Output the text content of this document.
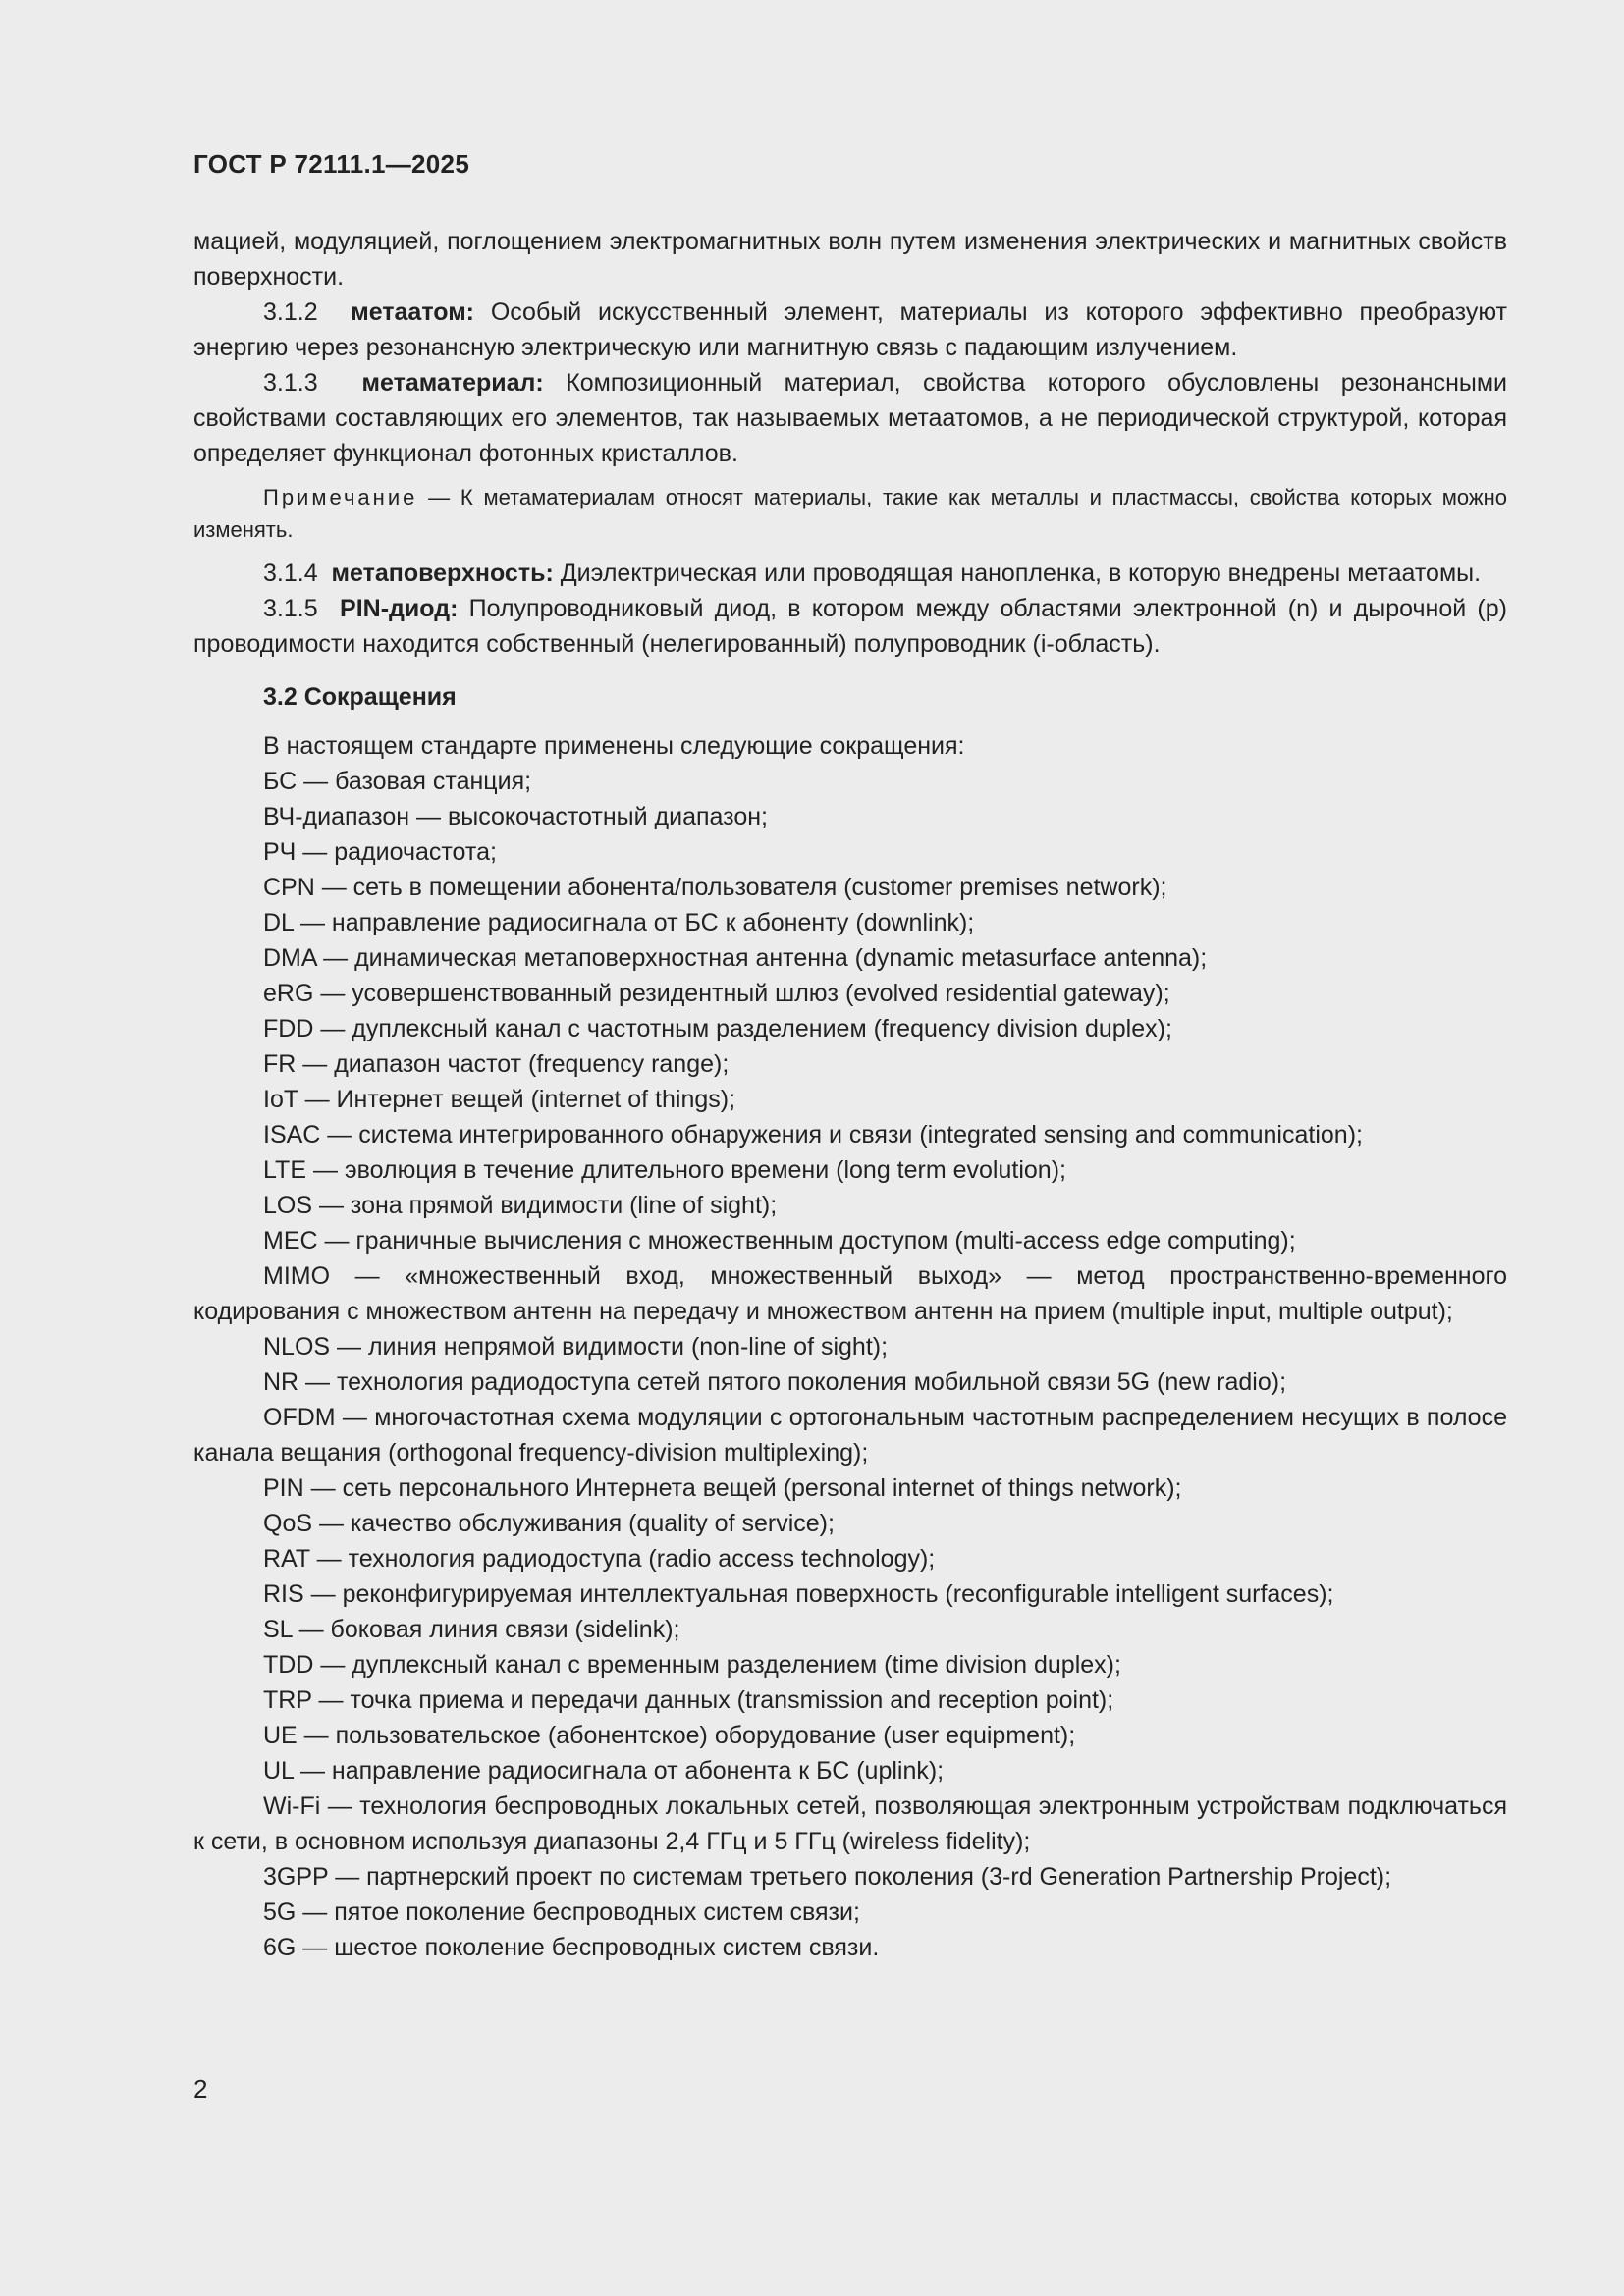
ГОСТ Р 72111.1—2025

мацией, модуляцией, поглощением электромагнитных волн путем изменения электрических и магнитных свойств поверхности.

3.1.2 метаатом: Особый искусственный элемент, материалы из которого эффективно преобразуют энергию через резонансную электрическую или магнитную связь с падающим излучением.

3.1.3 метаматериал: Композиционный материал, свойства которого обусловлены резонансными свойствами составляющих его элементов, так называемых метаатомов, а не периодической структурой, которая определяет функционал фотонных кристаллов.

Примечание — К метаматериалам относят материалы, такие как металлы и пластмассы, свойства которых можно изменять.

3.1.4 метаповерхность: Диэлектрическая или проводящая нанопленка, в которую внедрены метаатомы.

3.1.5 PIN-диод: Полупроводниковый диод, в котором между областями электронной (n) и дырочной (p) проводимости находится собственный (нелегированный) полупроводник (i-область).

3.2 Сокращения

В настоящем стандарте применены следующие сокращения:

БС — базовая станция;

ВЧ-диапазон — высокочастотный диапазон;

РЧ — радиочастота;

CPN — сеть в помещении абонента/пользователя (customer premises network);

DL — направление радиосигнала от БС к абоненту (downlink);

DMA — динамическая метаповерхностная антенна (dynamic metasurface antenna);

eRG — усовершенствованный резидентный шлюз (evolved residential gateway);

FDD — дуплексный канал с частотным разделением (frequency division duplex);

FR — диапазон частот (frequency range);

IoT — Интернет вещей (internet of things);

ISAC — система интегрированного обнаружения и связи (integrated sensing and communication);

LTE — эволюция в течение длительного времени (long term evolution);

LOS — зона прямой видимости (line of sight);

MEC — граничные вычисления с множественным доступом (multi-access edge computing);

MIMO — «множественный вход, множественный выход» — метод пространственно-временного кодирования с множеством антенн на передачу и множеством антенн на прием (multiple input, multiple output);

NLOS — линия непрямой видимости (non-line of sight);

NR — технология радиодоступа сетей пятого поколения мобильной связи 5G (new radio);

OFDM — многочастотная схема модуляции с ортогональным частотным распределением несущих в полосе канала вещания (orthogonal frequency-division multiplexing);

PIN — сеть персонального Интернета вещей (personal internet of things network);

QoS — качество обслуживания (quality of service);

RAT — технология радиодоступа (radio access technology);

RIS — реконфигурируемая интеллектуальная поверхность (reconfigurable intelligent surfaces);

SL — боковая линия связи (sidelink);

TDD — дуплексный канал с временным разделением (time division duplex);

TRP — точка приема и передачи данных (transmission and reception point);

UE — пользовательское (абонентское) оборудование (user equipment);

UL — направление радиосигнала от абонента к БС (uplink);

Wi-Fi — технология беспроводных локальных сетей, позволяющая электронным устройствам подключаться к сети, в основном используя диапазоны 2,4 ГГц и 5 ГГц (wireless fidelity);

3GPP — партнерский проект по системам третьего поколения (3-rd Generation Partnership Project);

5G — пятое поколение беспроводных систем связи;

6G — шестое поколение беспроводных систем связи.

2
